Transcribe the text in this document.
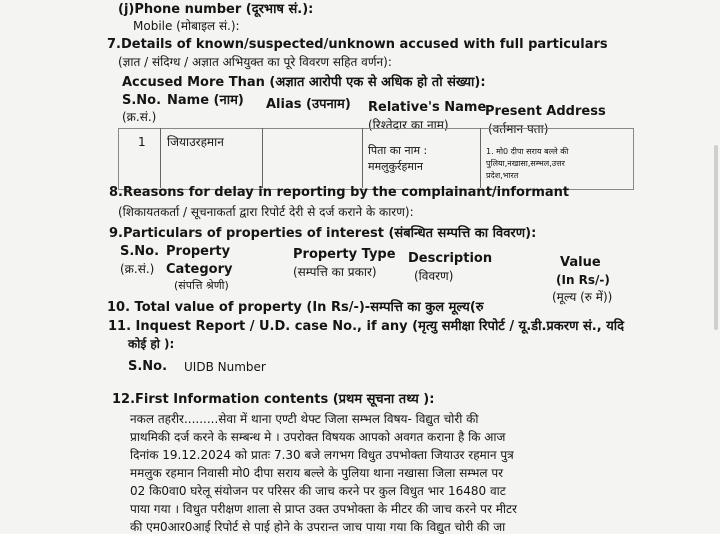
(j)Phone number (दूरभाष सं.):
Mobile (मोबाइल सं.):
7.Details of known/suspected/unknown accused with full particulars
(ज्ञात / संदिग्ध / अज्ञात अभियुक्त का पूरे विवरण सहित वर्णन):
Accused More Than (अज्ञात आरोपी एक से अधिक हो तो संख्या):
S.No.
(क्र.सं.)
Name (नाम) Alias (उपनाम) Relative's Name
(रिश्तेदार का नाम)
Present Address
(वर्तमान पता)
1 जियाउरहमान
पिता का नाम :
ममलुकुर्रहमान
1. मो0 दीपा सराय बल्ले की
पुलिया,नखासा,सम्भल,उत्तर
प्रदेश,भारत
8.Reasons for delay in reporting by the complainant/informant
(शिकायतकर्ता / सूचनाकर्ता द्वारा रिपोर्ट देरी से दर्ज कराने के कारण):
9.Particulars of properties of interest (संबन्धित सम्पत्ति का विवरण):
S.No.
(क्र.सं.)
Property
Category
(संपत्ति श्रेणी)
Property Type
(सम्पत्ति का प्रकार)
Description
(विवरण)
Value
(In Rs/-)
(मूल्य (रु में))
10. Total value of property (In Rs/-)-सम्पत्ति का कुल मूल्य(रु
11. Inquest Report / U.D. case No., if any (मृत्यु समीक्षा रिपोर्ट / यू.डी.प्रकरण सं., यदि
कोई हो ):
S.No. UIDB Number
12.First Information contents (प्रथम सूचना तथ्य ):
नकल तहरीर.........सेवा में थाना एण्टी थेफ्ट जिला सम्भल विषय- विद्युत चोरी की
प्राथमिकी दर्ज करने के सम्बन्ध मे । उपरोक्त विषयक आपको अवगत कराना है कि आज
दिनांक 19.12.2024 को प्रातः 7.30 बजे लगभग विधुत उपभोक्ता जियाउर रहमान पुत्र
ममलुक रहमान निवासी मो0 दीपा सराय बल्ले के पुलिया थाना नखासा जिला सम्भल पर
02 कि0वा0 घरेलू संयोजन पर परिसर की जाच करने पर कुल विधुत भार 16480 वाट
पाया गया । विधुत परीक्षण शाला से प्राप्त उक्त उपभोक्ता के मीटर की जाच करने पर मीटर
की एम0आर0आई रिपोर्ट से पाई होने के उपरान्त जाच पाया गया कि विद्युत चोरी की जा
